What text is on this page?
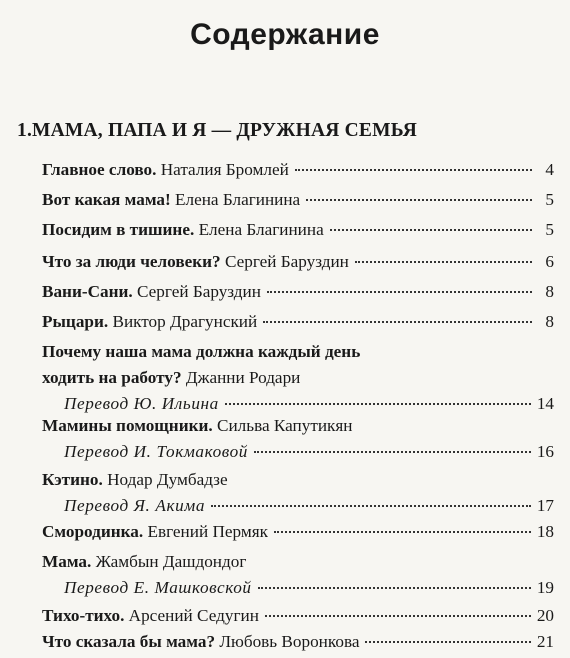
Содержание
1.МАМА, ПАПА И Я — ДРУЖНАЯ СЕМЬЯ
Главное слово. Наталия Бромлей	4
Вот какая мама! Елена Благинина	5
Посидим в тишине. Елена Благинина	5
Что за люди человеки? Сергей Баруздин	6
Вани-Сани. Сергей Баруздин	8
Рыцари. Виктор Драгунский	8
Почему наша мама должна каждый день
ходить на работу? Джанни Родари
Перевод Ю. Ильина	14
Мамины помощники. Сильва Капутикян
Перевод И. Токмаковой	16
Кэтино. Нодар Думбадзе
Перевод Я. Акима	17
Смородинка. Евгений Пермяк	18
Мама. Жамбын Дашдондог
Перевод Е. Машковской	19
Тихо-тихо. Арсений Седугин	20
Что сказала бы мама? Любовь Воронкова	21
